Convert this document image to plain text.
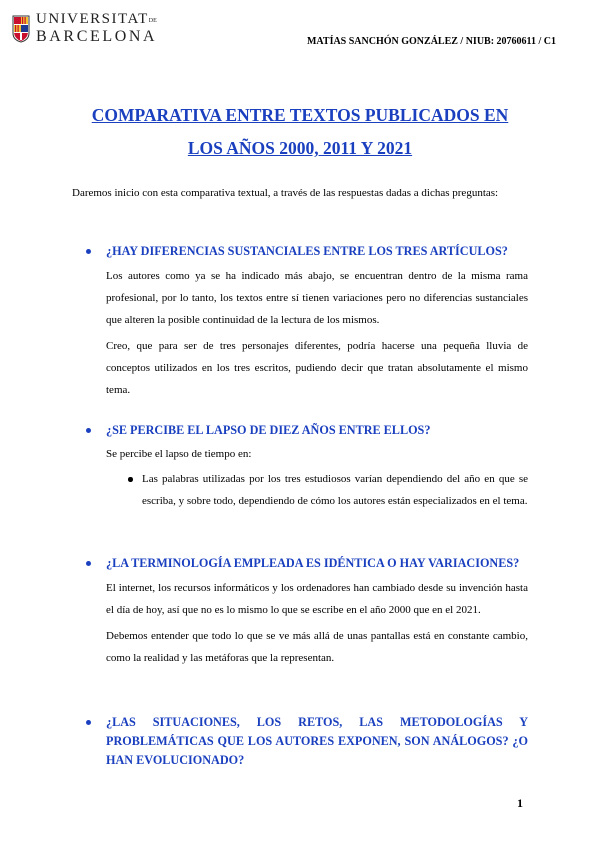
UNIVERSITATDE
BARCELONA	MATÍAS SANCHÓN GONZÁLEZ / NIUB: 20760611 / C1
COMPARATIVA ENTRE TEXTOS PUBLICADOS EN
LOS AÑOS 2000, 2011 Y 2021
Daremos inicio con esta comparativa textual, a través de las respuestas dadas a dichas preguntas:
¿HAY DIFERENCIAS SUSTANCIALES ENTRE LOS TRES ARTÍCULOS?
Los autores como ya se ha indicado más abajo, se encuentran dentro de la misma rama profesional, por lo tanto, los textos entre sí tienen variaciones pero no diferencias sustanciales que alteren la posible continuidad de la lectura de los mismos.
Creo, que para ser de tres personajes diferentes, podría hacerse una pequeña lluvia de conceptos utilizados en los tres escritos, pudiendo decir que tratan absolutamente el mismo tema.
¿SE PERCIBE EL LAPSO DE DIEZ AÑOS ENTRE ELLOS?
Se percibe el lapso de tiempo en:
Las palabras utilizadas por los tres estudiosos varían dependiendo del año en que se escriba, y sobre todo, dependiendo de cómo los autores están especializados en el tema.
¿LA TERMINOLOGÍA EMPLEADA ES IDÉNTICA O HAY VARIACIONES?
El internet, los recursos informáticos y los ordenadores han cambiado desde su invención hasta el día de hoy, así que no es lo mismo lo que se escribe en el año 2000 que en el 2021.
Debemos entender que todo lo que se ve más allá de unas pantallas está en constante cambio, como la realidad y las metáforas que la representan.
¿LAS SITUACIONES, LOS RETOS, LAS METODOLOGÍAS Y PROBLEMÁTICAS QUE LOS AUTORES EXPONEN, SON ANÁLOGOS? ¿O HAN EVOLUCIONADO?
1
